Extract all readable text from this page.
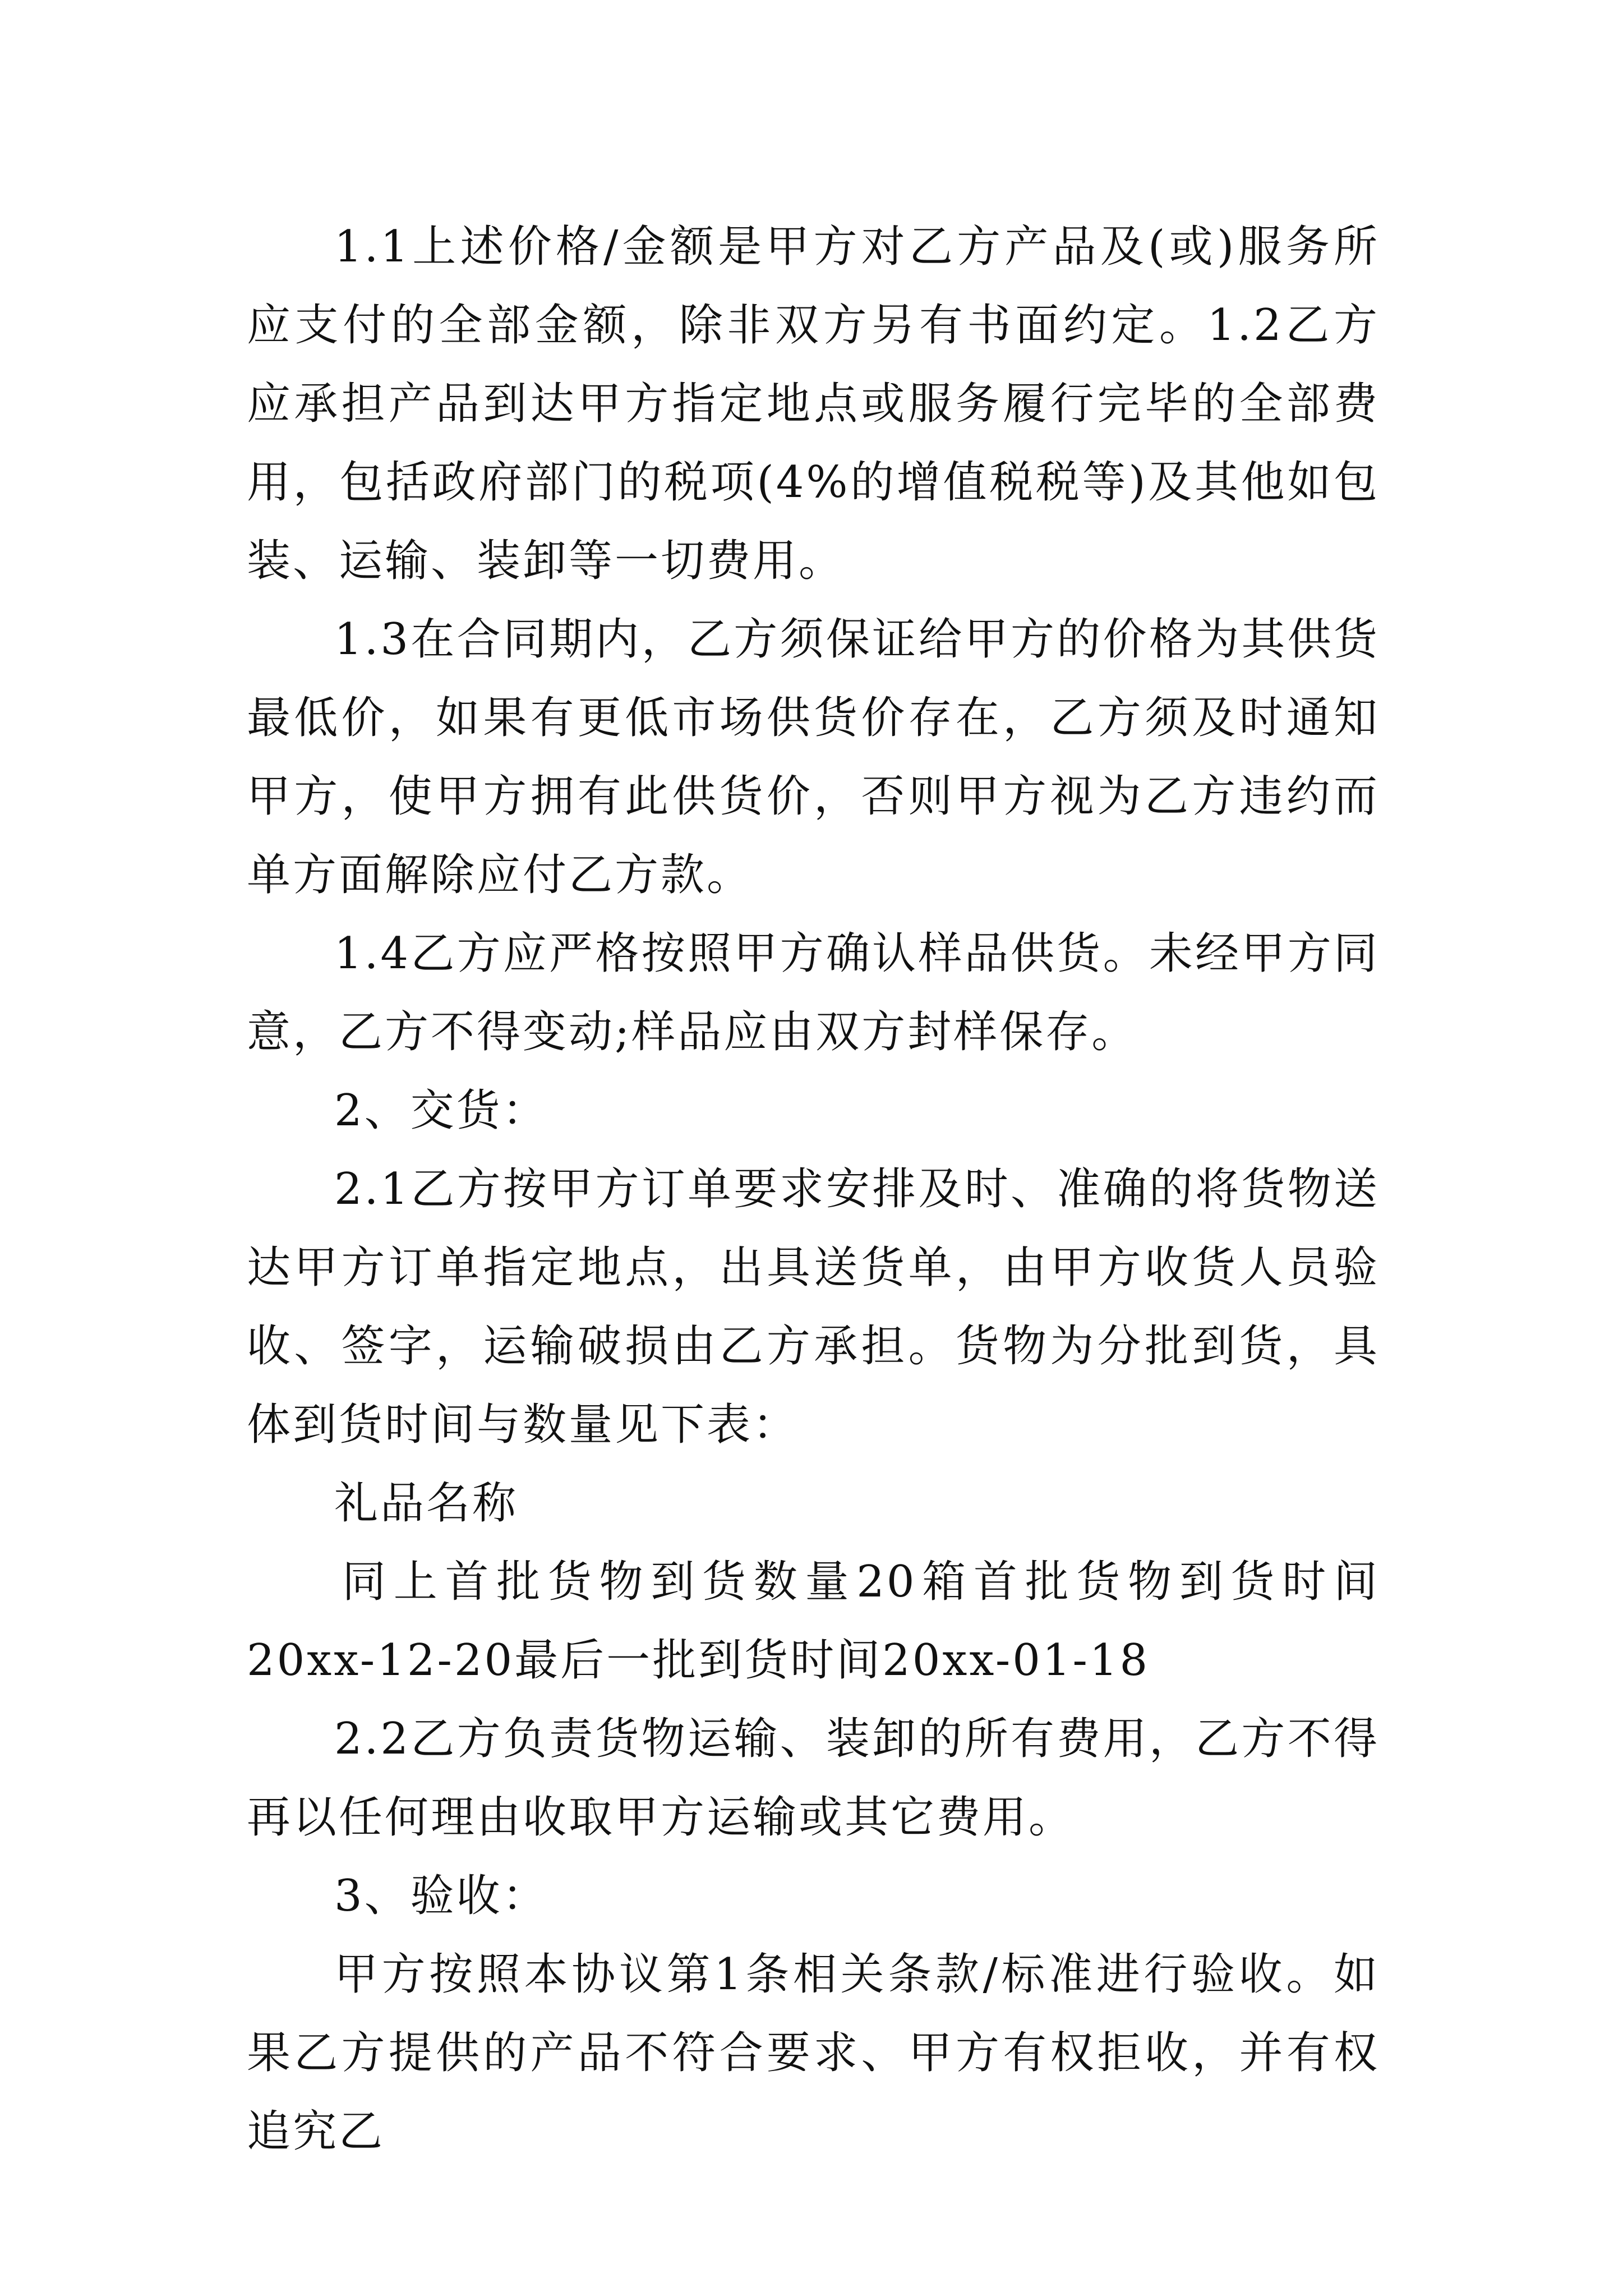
1.1上述价格/金额是甲方对乙方产品及(或)服务所应支付的全部金额，除非双方另有书面约定。1.2乙方应承担产品到达甲方指定地点或服务履行完毕的全部费用，包括政府部门的税项(4%的增值税税等)及其他如包装、运输、装卸等一切费用。

1.3在合同期内，乙方须保证给甲方的价格为其供货最低价，如果有更低市场供货价存在，乙方须及时通知甲方，使甲方拥有此供货价，否则甲方视为乙方违约而单方面解除应付乙方款。

1.4乙方应严格按照甲方确认样品供货。未经甲方同意，乙方不得变动;样品应由双方封样保存。

2、交货：

2.1乙方按甲方订单要求安排及时、准确的将货物送达甲方订单指定地点，出具送货单，由甲方收货人员验收、签字，运输破损由乙方承担。货物为分批到货，具体到货时间与数量见下表：

礼品名称

同上首批货物到货数量20箱首批货物到货时间20xx-12-20最后一批到货时间20xx-01-18

2.2乙方负责货物运输、装卸的所有费用，乙方不得再以任何理由收取甲方运输或其它费用。

3、验收：

甲方按照本协议第1条相关条款/标准进行验收。如果乙方提供的产品不符合要求、甲方有权拒收，并有权追究乙
